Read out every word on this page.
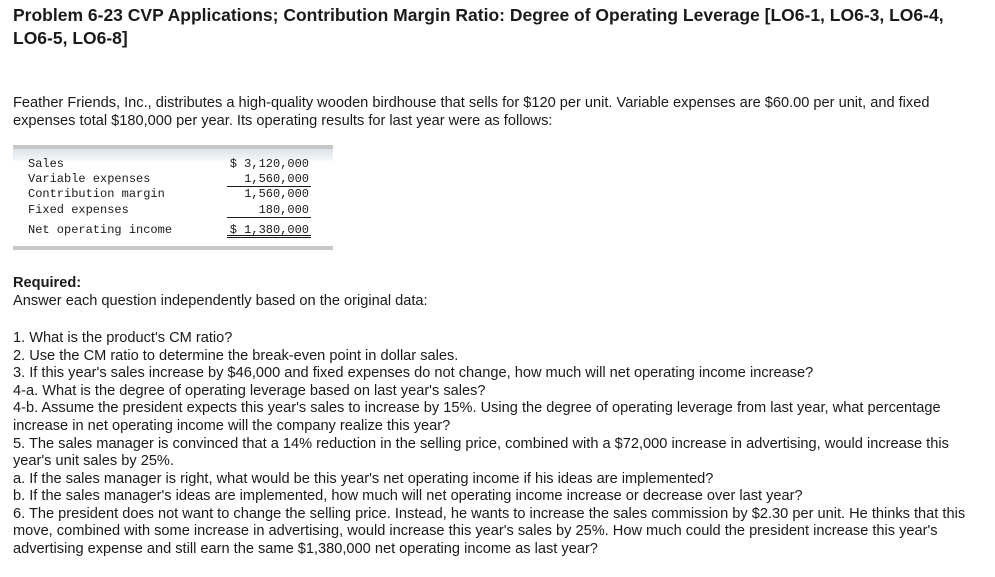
Problem 6-23 CVP Applications; Contribution Margin Ratio: Degree of Operating Leverage [LO6-1, LO6-3, LO6-4, LO6-5, LO6-8]
Feather Friends, Inc., distributes a high-quality wooden birdhouse that sells for $120 per unit. Variable expenses are $60.00 per unit, and fixed expenses total $180,000 per year. Its operating results for last year were as follows:
Sales	$ 3,120,000
Variable expenses	1,560,000
Contribution margin	1,560,000
Fixed expenses	180,000
Net operating income	$ 1,380,000
Required:
Answer each question independently based on the original data:

1. What is the product's CM ratio?

2. Use the CM ratio to determine the break-even point in dollar sales.

3. If this year's sales increase by $46,000 and fixed expenses do not change, how much will net operating income increase?

4-a. What is the degree of operating leverage based on last year's sales?

4-b. Assume the president expects this year's sales to increase by 15%. Using the degree of operating leverage from last year, what percentage increase in net operating income will the company realize this year?

5. The sales manager is convinced that a 14% reduction in the selling price, combined with a $72,000 increase in advertising, would increase this year's unit sales by 25%.

a. If the sales manager is right, what would be this year's net operating income if his ideas are implemented?

b. If the sales manager's ideas are implemented, how much will net operating income increase or decrease over last year?

6. The president does not want to change the selling price. Instead, he wants to increase the sales commission by $2.30 per unit. He thinks that this move, combined with some increase in advertising, would increase this year's sales by 25%. How much could the president increase this year's advertising expense and still earn the same $1,380,000 net operating income as last year?
